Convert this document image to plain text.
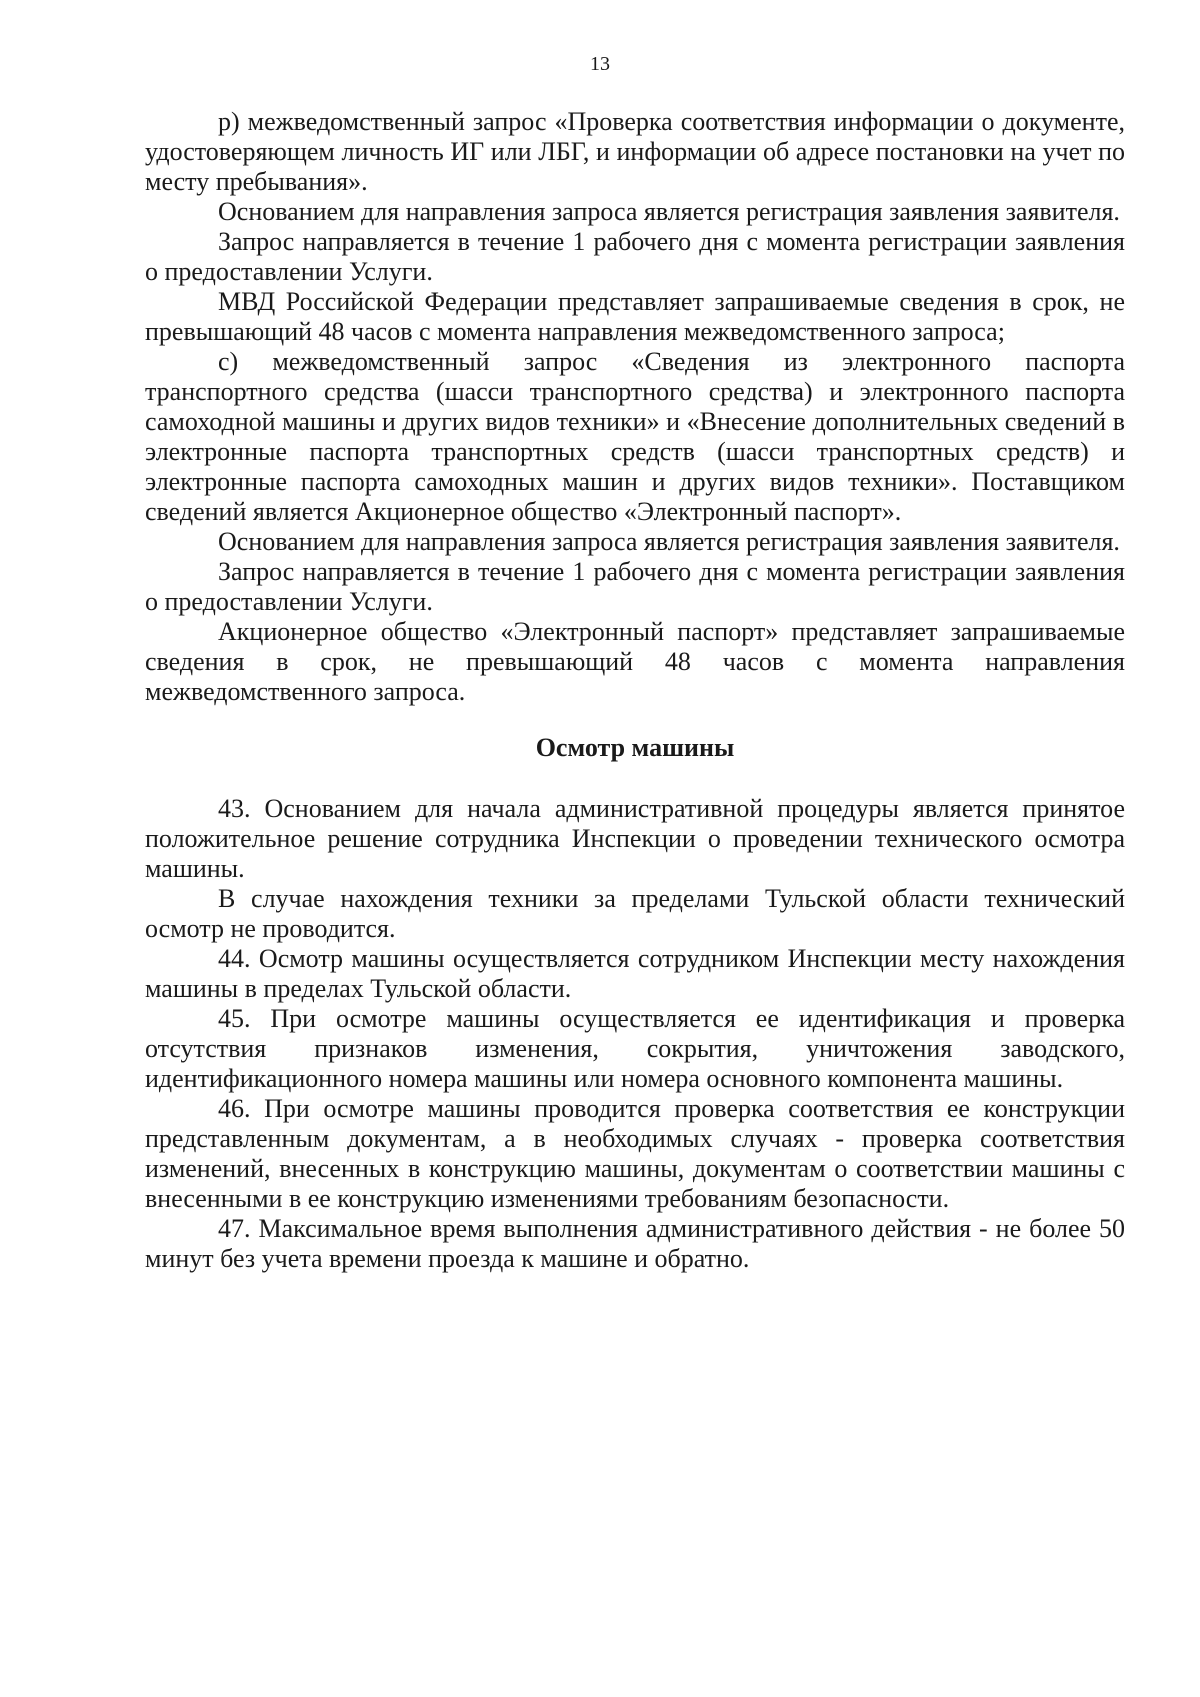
13

р) межведомственный запрос «Проверка соответствия информации о документе, удостоверяющем личность ИГ или ЛБГ, и информации об адресе постановки на учет по месту пребывания».

Основанием для направления запроса является регистрация заявления заявителя.

Запрос направляется в течение 1 рабочего дня с момента регистрации заявления о предоставлении Услуги.

МВД Российской Федерации представляет запрашиваемые сведения в срок, не превышающий 48 часов с момента направления межведомственного запроса;

с) межведомственный запрос «Сведения из электронного паспорта транспортного средства (шасси транспортного средства) и электронного паспорта самоходной машины и других видов техники» и «Внесение дополнительных сведений в электронные паспорта транспортных средств (шасси транспортных средств) и электронные паспорта самоходных машин и других видов техники». Поставщиком сведений является Акционерное общество «Электронный паспорт».

Основанием для направления запроса является регистрация заявления заявителя.

Запрос направляется в течение 1 рабочего дня с момента регистрации заявления о предоставлении Услуги.

Акционерное общество «Электронный паспорт» представляет запрашиваемые сведения в срок, не превышающий 48 часов с момента направления межведомственного запроса.

Осмотр машины

43. Основанием для начала административной процедуры является принятое положительное решение сотрудника Инспекции о проведении технического осмотра машины.

В случае нахождения техники за пределами Тульской области технический осмотр не проводится.

44. Осмотр машины осуществляется сотрудником Инспекции месту нахождения машины в пределах Тульской области.

45. При осмотре машины осуществляется ее идентификация и проверка отсутствия признаков изменения, сокрытия, уничтожения заводского, идентификационного номера машины или номера основного компонента машины.

46. При осмотре машины проводится проверка соответствия ее конструкции представленным документам, а в необходимых случаях - проверка соответствия изменений, внесенных в конструкцию машины, документам о соответствии машины с внесенными в ее конструкцию изменениями требованиям безопасности.

47. Максимальное время выполнения административного действия - не более 50 минут без учета времени проезда к машине и обратно.
